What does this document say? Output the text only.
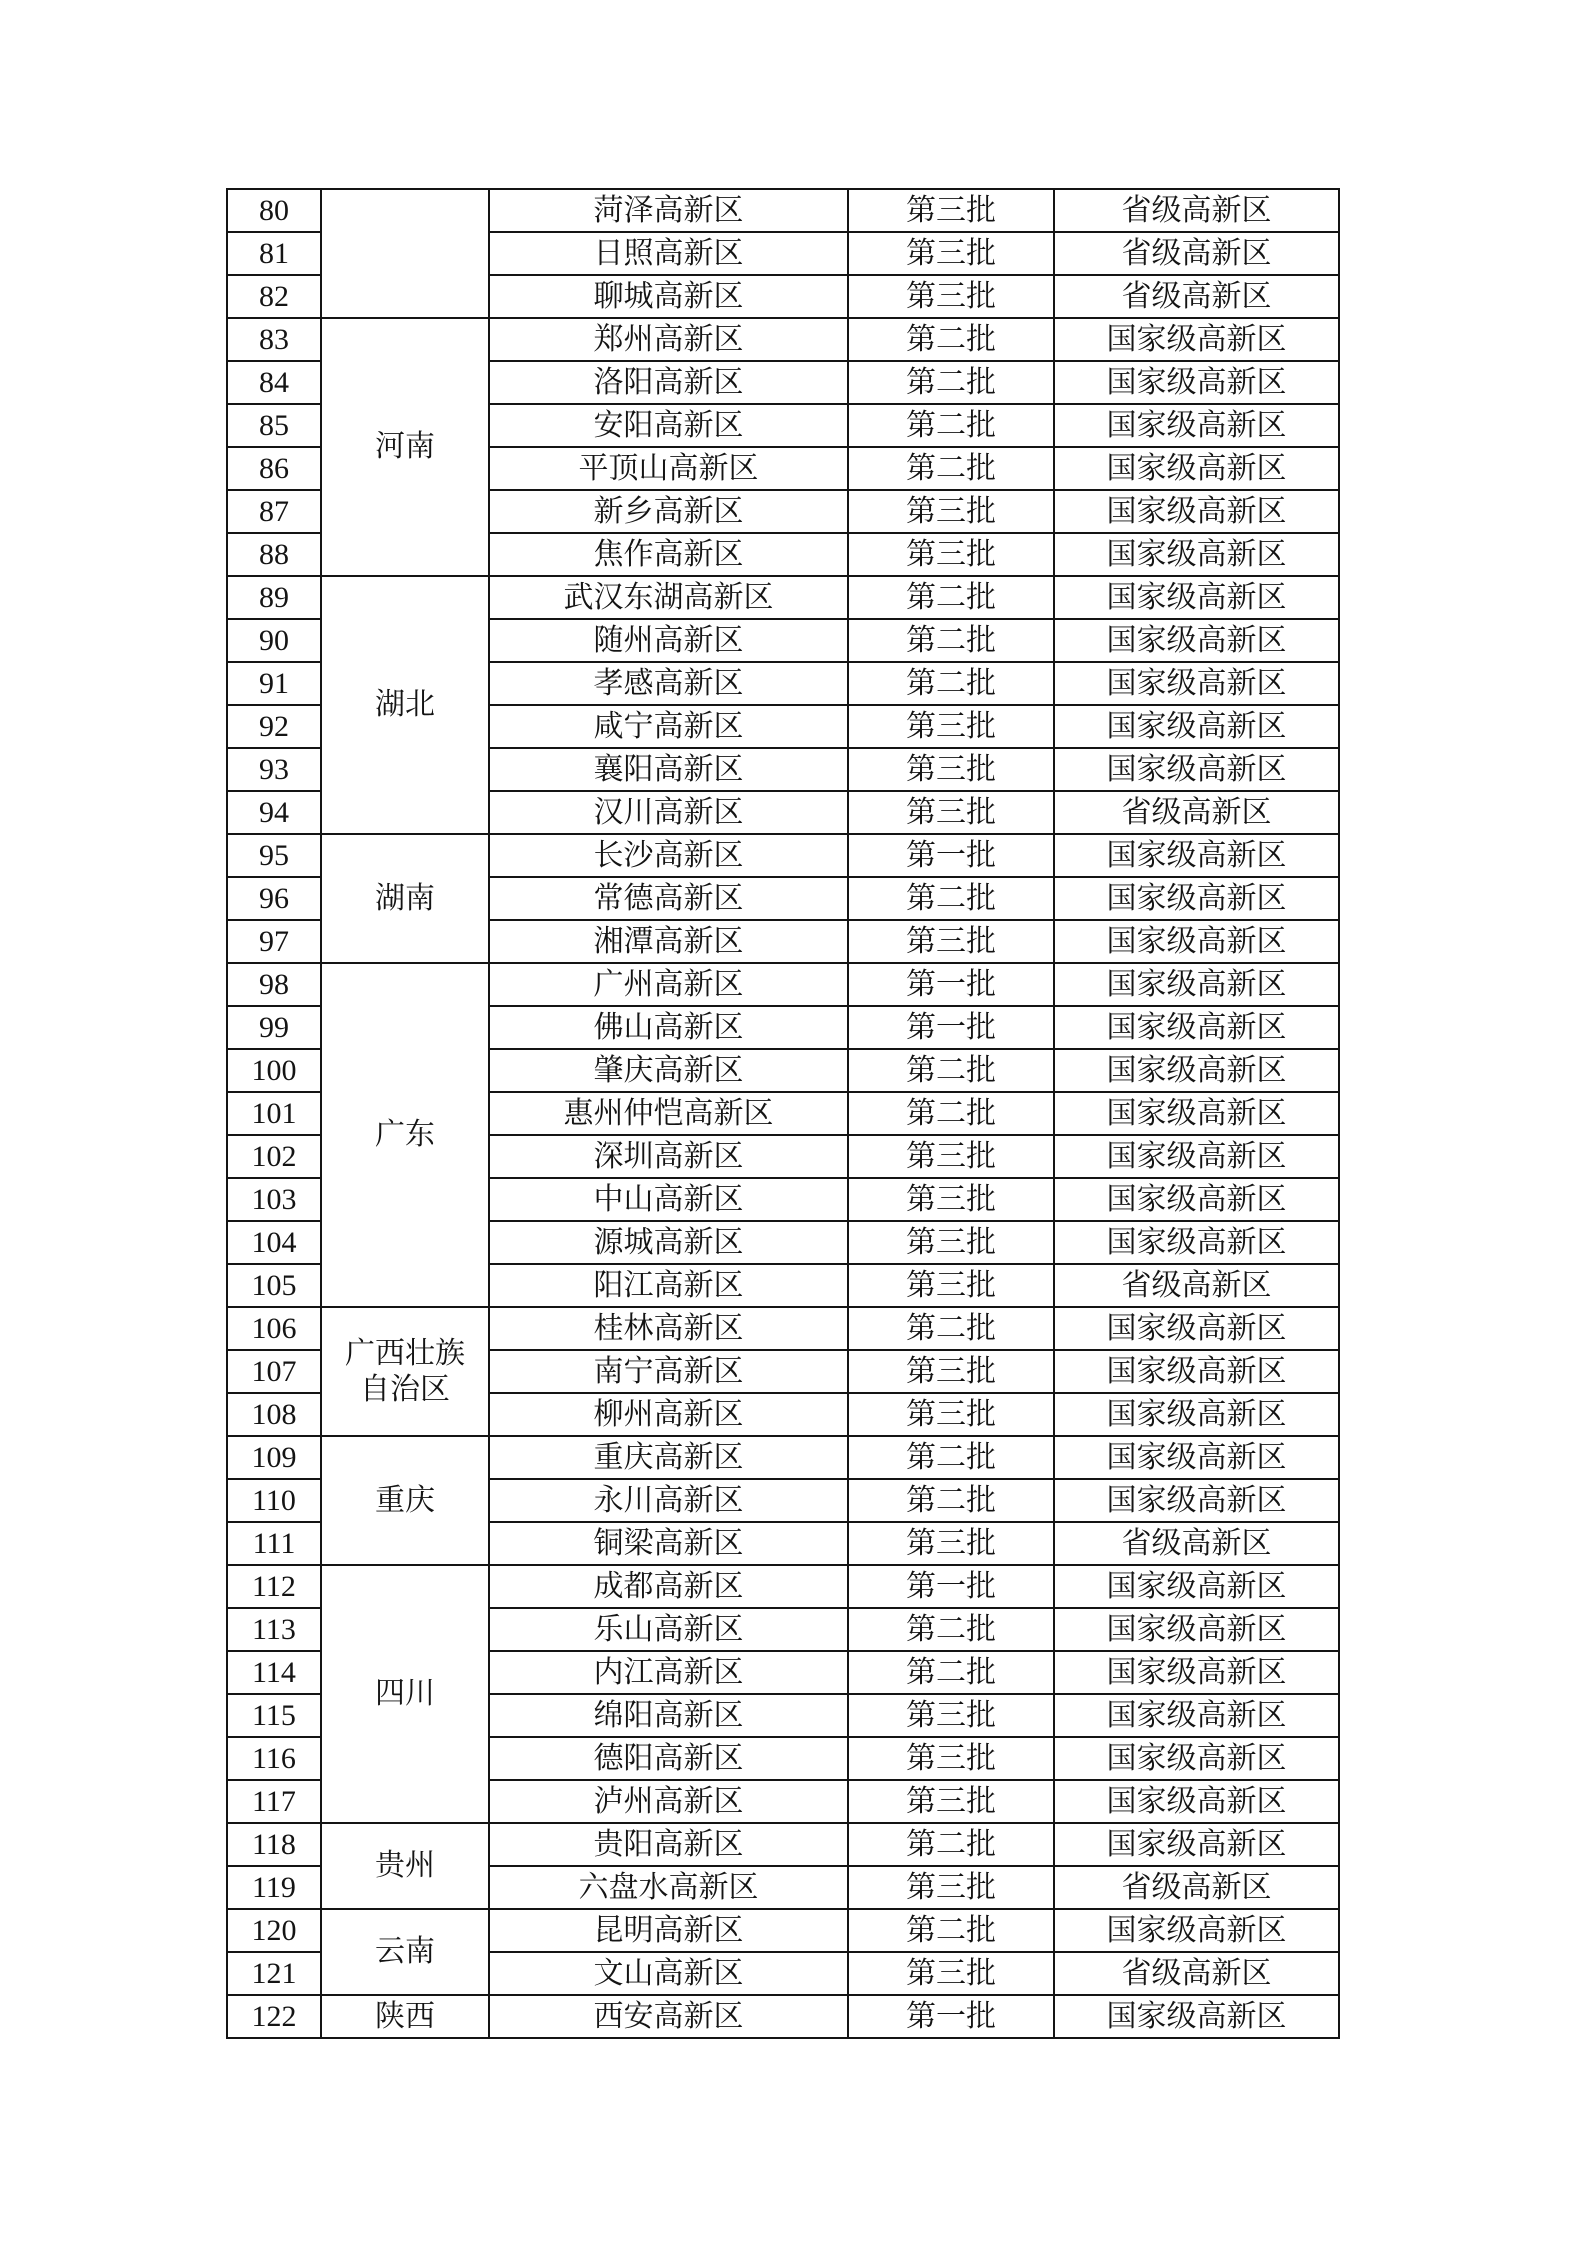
80		菏泽高新区	第三批	省级高新区
81		日照高新区	第三批	省级高新区
82		聊城高新区	第三批	省级高新区
83	河南	郑州高新区	第二批	国家级高新区
84		洛阳高新区	第二批	国家级高新区
85		安阳高新区	第二批	国家级高新区
86		平顶山高新区	第二批	国家级高新区
87		新乡高新区	第三批	国家级高新区
88		焦作高新区	第三批	国家级高新区
89	湖北	武汉东湖高新区	第二批	国家级高新区
90		随州高新区	第二批	国家级高新区
91		孝感高新区	第二批	国家级高新区
92		咸宁高新区	第三批	国家级高新区
93		襄阳高新区	第三批	国家级高新区
94		汉川高新区	第三批	省级高新区
95	湖南	长沙高新区	第一批	国家级高新区
96		常德高新区	第二批	国家级高新区
97		湘潭高新区	第三批	国家级高新区
98	广东	广州高新区	第一批	国家级高新区
99		佛山高新区	第一批	国家级高新区
100		肇庆高新区	第二批	国家级高新区
101		惠州仲恺高新区	第二批	国家级高新区
102		深圳高新区	第三批	国家级高新区
103		中山高新区	第三批	国家级高新区
104		源城高新区	第三批	国家级高新区
105		阳江高新区	第三批	省级高新区
106	广西壮族自治区	桂林高新区	第二批	国家级高新区
107		南宁高新区	第三批	国家级高新区
108		柳州高新区	第三批	国家级高新区
109	重庆	重庆高新区	第二批	国家级高新区
110		永川高新区	第二批	国家级高新区
111		铜梁高新区	第三批	省级高新区
112	四川	成都高新区	第一批	国家级高新区
113		乐山高新区	第二批	国家级高新区
114		内江高新区	第二批	国家级高新区
115		绵阳高新区	第三批	国家级高新区
116		德阳高新区	第三批	国家级高新区
117		泸州高新区	第三批	国家级高新区
118	贵州	贵阳高新区	第二批	国家级高新区
119		六盘水高新区	第三批	省级高新区
120	云南	昆明高新区	第二批	国家级高新区
121		文山高新区	第三批	省级高新区
122	陕西	西安高新区	第一批	国家级高新区
